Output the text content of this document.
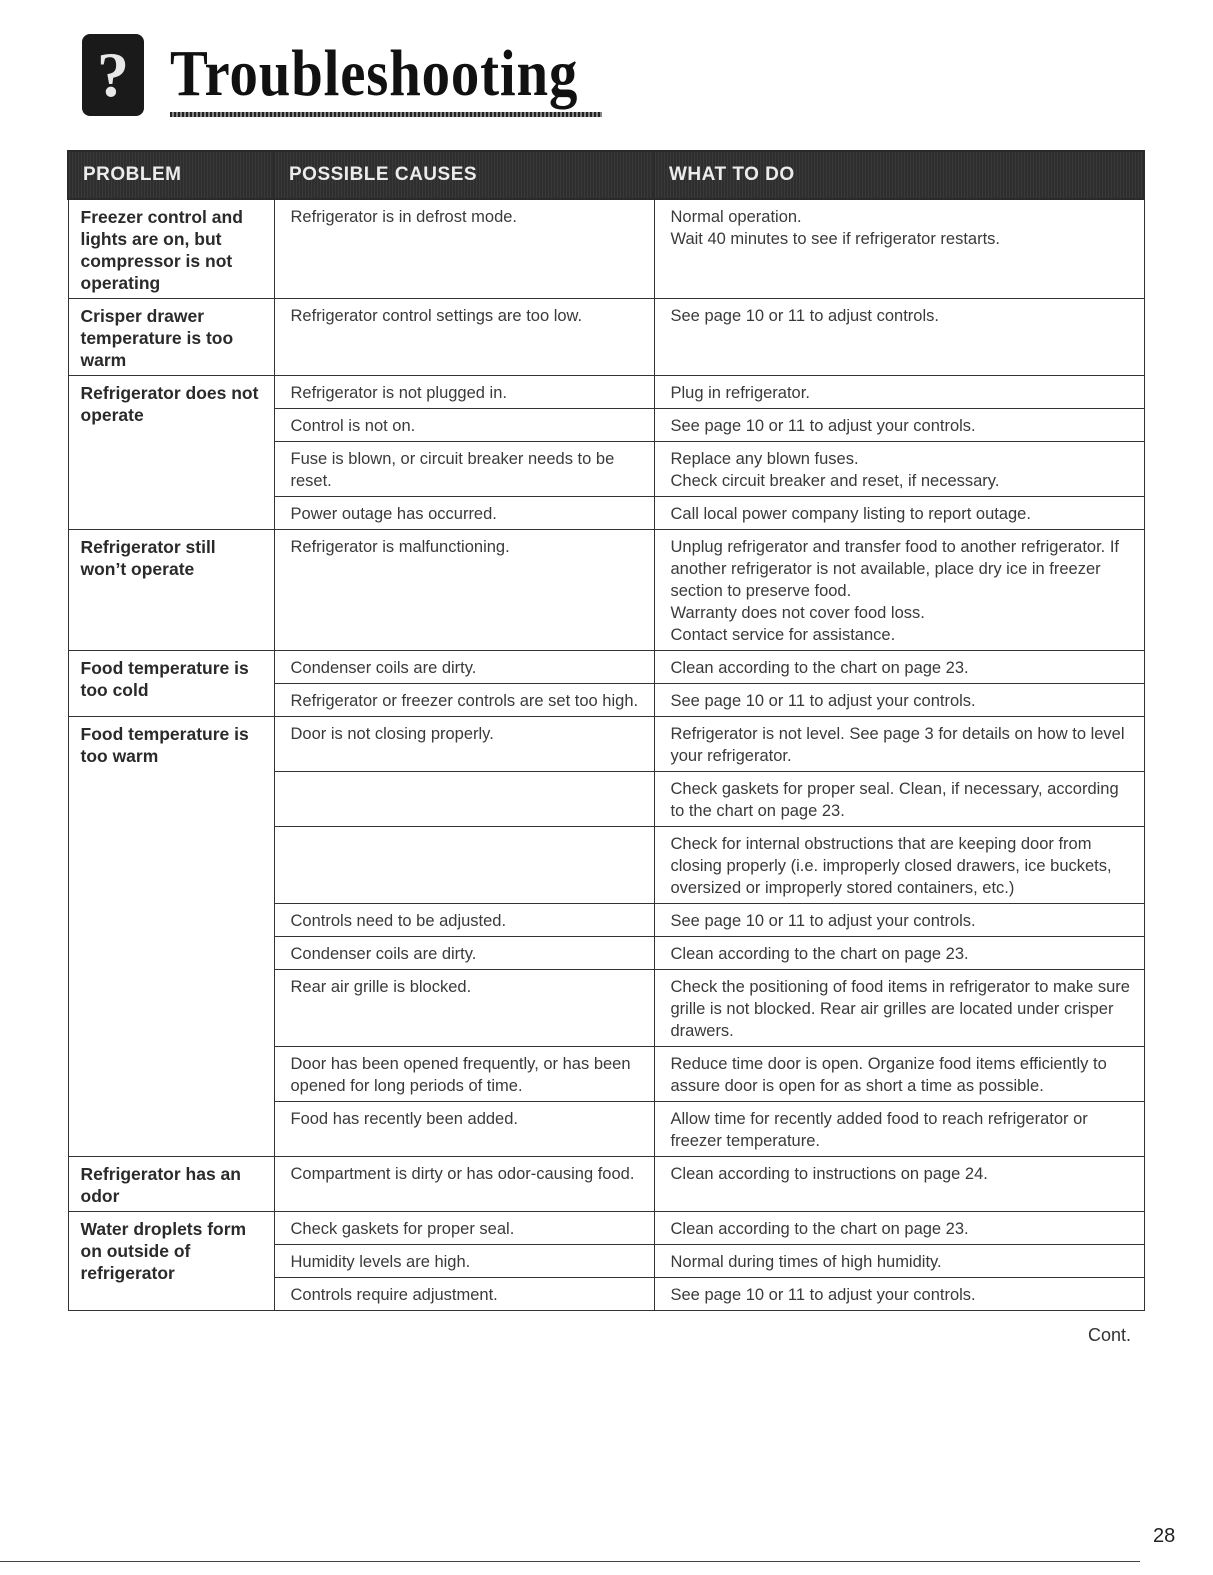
? Troubleshooting
PROBLEM	POSSIBLE CAUSES	WHAT TO DO
Freezer control and lights are on, but compressor is not operating	Refrigerator is in defrost mode.	Normal operation.
Wait 40 minutes to see if refrigerator restarts.

Crisper drawer temperature is too warm	Refrigerator control settings are too low.	See page 10 or 11 to adjust controls.

Refrigerator does not operate	Refrigerator is not plugged in.	Plug in refrigerator.

	Control is not on.	See page 10 or 11 to adjust your controls.

	Fuse is blown, or circuit breaker needs to be reset.	Replace any blown fuses.
Check circuit breaker and reset, if necessary.

	Power outage has occurred.	Call local power company listing to report outage.

Refrigerator still won’t operate	Refrigerator is malfunctioning.	Unplug refrigerator and transfer food to another refrigerator. If another refrigerator is not available, place dry ice in freezer section to preserve food.
Warranty does not cover food loss.
Contact service for assistance.

Food temperature is too cold	Condenser coils are dirty.	Clean according to the chart on page 23.

	Refrigerator or freezer controls are set too high.	See page 10 or 11 to adjust your controls.

Food temperature is too warm	Door is not closing properly.	Refrigerator is not level. See page 3 for details on how to level your refrigerator.

		Check gaskets for proper seal. Clean, if necessary, according to the chart on page 23.

		Check for internal obstructions that are keeping door from closing properly (i.e. improperly closed drawers, ice buckets, oversized or improperly stored containers, etc.)

	Controls need to be adjusted.	See page 10 or 11 to adjust your controls.

	Condenser coils are dirty.	Clean according to the chart on page 23.

	Rear air grille is blocked.	Check the positioning of food items in refrigerator to make sure grille is not blocked. Rear air grilles are located under crisper drawers.

	Door has been opened frequently, or has been opened for long periods of time.	Reduce time door is open. Organize food items efficiently to assure door is open for as short a time as possible.

	Food has recently been added.	Allow time for recently added food to reach refrigerator or freezer temperature.

Refrigerator has an odor	Compartment is dirty or has odor-causing food.	Clean according to instructions on page 24.

Water droplets form on outside of refrigerator	Check gaskets for proper seal.	Clean according to the chart on page 23.

	Humidity levels are high.	Normal during times of high humidity.

	Controls require adjustment.	See page 10 or 11 to adjust your controls.
Cont.
28
